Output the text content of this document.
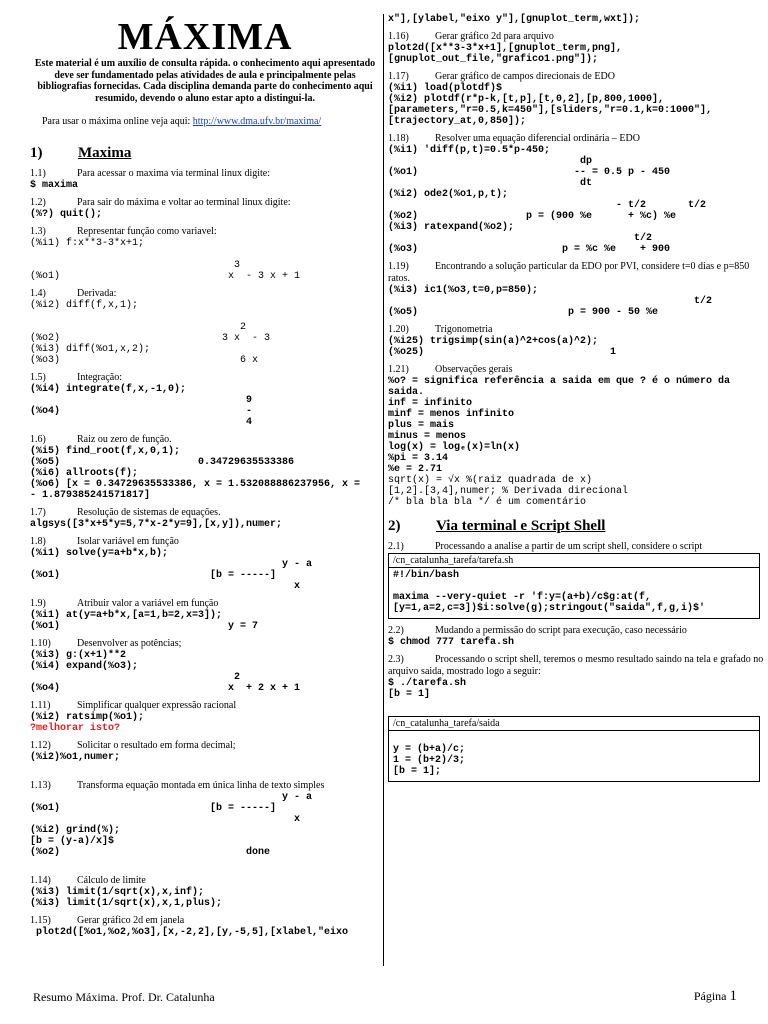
MÁXIMA
Este material é um auxílio de consulta rápida. o conhecimento aqui apresentado deve ser fundamentado pelas atividades de aula e principalmente pelas bibliografias fornecidas. Cada disciplina demanda parte do conhecimento aqui resumido, devendo o aluno estar apto a distingui-la.
Para usar o máxima online veja aqui: http://www.dma.ufv.br/maxima/
1) Maxima
1.1)	Para acessar o maxima via terminal linux digite:
$ maxima
1.2)	Para sair do máxima e voltar ao terminal linux digite:
(%?) quit();
1.3)	Representar função como variavel:
(%i1) f:x**3-3*x+1;
3
(%o1)                            x  - 3 x + 1
1.4)	Derivada:
(%i2) diff(f,x,1);
2
(%o2)                           3 x  - 3
(%i3) diff(%o1,x,2);
(%o3)                              6 x
1.5)	Integração:
(%i4) integrate(f,x,-1,0);
9
(%o4)                               -
4
1.6)	Raiz ou zero de função.
(%i5) find_root(f,x,0,1);
(%o5)                       0.34729635533386
(%i6) allroots(f);
(%o6) [x = 0.34729635533386, x = 1.532088886237956, x =
- 1.879385241571817]
1.7)	Resolução de sistemas de equações.
algsys([3*x+5*y=5,7*x-2*y=9],[x,y]),numer;
1.8)	Isolar variável em função
(%i1) solve(y=a+b*x,b);
y - a
(%o1)                         [b = -----]
x
1.9)	Atribuir valor a variável em função
(%i1) at(y=a+b*x,[a=1,b=2,x=3]);
(%o1)                            y = 7
1.10)	Desenvolver as potências;
(%i3) g:(x+1)**2
(%i4) expand(%o3);
2
(%o4)                            x  + 2 x + 1
1.11)	Simplificar qualquer expressão racional
(%i2) ratsimp(%o1);
?melhorar isto?
1.12)	Solicitar o resultado em forma decimal;
(%i2)%o1,numer;
1.13)	Transforma equação montada em única linha de texto simples
y - a
(%o1)                         [b = -----]
x
(%i2) grind(%);
[b = (y-a)/x]$
(%o2)                               done
1.14)	Cálculo de limite
(%i3) limit(1/sqrt(x),x,inf);
(%i3) limit(1/sqrt(x),x,1,plus);
1.15)	Gerar gráfico 2d em janela
plot2d([%o1,%o2,%o3],[x,-2,2],[y,-5,5],[xlabel,"eixo
x"],[ylabel,"eixo y"],[gnuplot_term,wxt]);
1.16)	Gerar gráfico 2d para arquivo
plot2d([x**3-3*x+1],[gnuplot_term,png],
[gnuplot_out_file,"grafico1.png"]);
1.17)	Gerar gráfico de campos direcionais de EDO
(%i1) load(plotdf)$
(%i2) plotdf(r*p-k,[t,p],[t,0,2],[p,800,1000],
[parameters,"r=0.5,k=450"],[sliders,"r=0.1,k=0:1000"],
[trajectory_at,0,850]);
1.18)	Resolver uma equação diferencial ordinária – EDO
(%i1) 'diff(p,t)=0.5*p-450;
dp
(%o1)                          -- = 0.5 p - 450
dt
(%i2) ode2(%o1,p,t);
- t/2       t/2
(%o2)                  p = (900 %e      + %c) %e
(%i3) ratexpand(%o2);
t/2
(%o3)                        p = %c %e    + 900
1.19)	Encontrando a solução particular da EDO por PVI, considere t=0 dias e p=850 ratos.
(%i3) ic1(%o3,t=0,p=850);
t/2
(%o5)                         p = 900 - 50 %e
1.20)	Trigonometria
(%i25) trigsimp(sin(a)^2+cos(a)^2);
(%o25)                               1
1.21)	Observações gerais
%o? = significa referência a saida em que ? é o número da
saida.
inf = infinito
minf = menos infinito
plus = mais
minus = menos
log(x) = logₑ(x)=ln(x)
%pi = 3.14
%e = 2.71
sqrt(x) = √x %(raiz quadrada de x)
[1,2].[3,4],numer; % Derivada direcional
/* bla bla bla */ é um comentário
2) Via terminal e Script Shell
2.1)	Processando a analise a partir de um script shell, considere o script
/cn_catalunha_tarefa/tarefa.sh
#!/bin/bash
maxima --very-quiet -r 'f:y=(a+b)/c$g:at(f,
[y=1,a=2,c=3])$i:solve(g);stringout("saida",f,g,i)$'
2.2)	Mudando a permissão do script para execução, caso necessário
$ chmod 777 tarefa.sh
2.3)	Processando o script shell, teremos o mesmo resultado saindo na tela e grafado no arquivo saida, mostrado logo a seguir:
$ ./tarefa.sh
[b = 1]
/cn_catalunha_tarefa/saida
y = (b+a)/c;
1 = (b+2)/3;
[b = 1];
Resumo Máxima. Prof. Dr. Catalunha	Página 1
